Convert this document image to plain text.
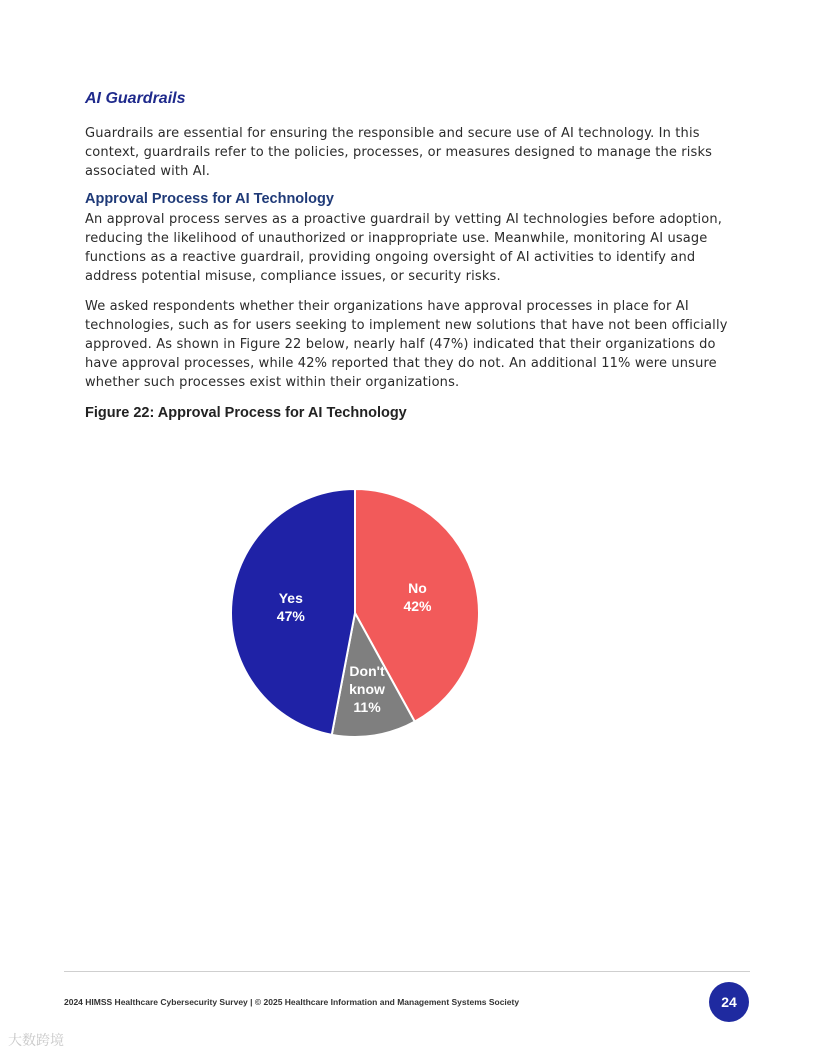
AI Guardrails

Guardrails are essential for ensuring the responsible and secure use of AI technology. In this context, guardrails refer to the policies, processes, or measures designed to manage the risks associated with AI.

Approval Process for AI Technology

An approval process serves as a proactive guardrail by vetting AI technologies before adoption, reducing the likelihood of unauthorized or inappropriate use. Meanwhile, monitoring AI usage functions as a reactive guardrail, providing ongoing oversight of AI activities to identify and address potential misuse, compliance issues, or security risks.

We asked respondents whether their organizations have approval processes in place for AI technologies, such as for users seeking to implement new solutions that have not been officially approved. As shown in Figure 22 below, nearly half (47%) indicated that their organizations do have approval processes, while 42% reported that they do not. An additional 11% were unsure whether such processes exist within their organizations.

Figure 22: Approval Process for AI Technology
No
42%
Don't
know
11%
Yes
47%
2024 HIMSS Healthcare Cybersecurity Survey | © 2025 Healthcare Information and Management Systems Society	24
大数跨境
